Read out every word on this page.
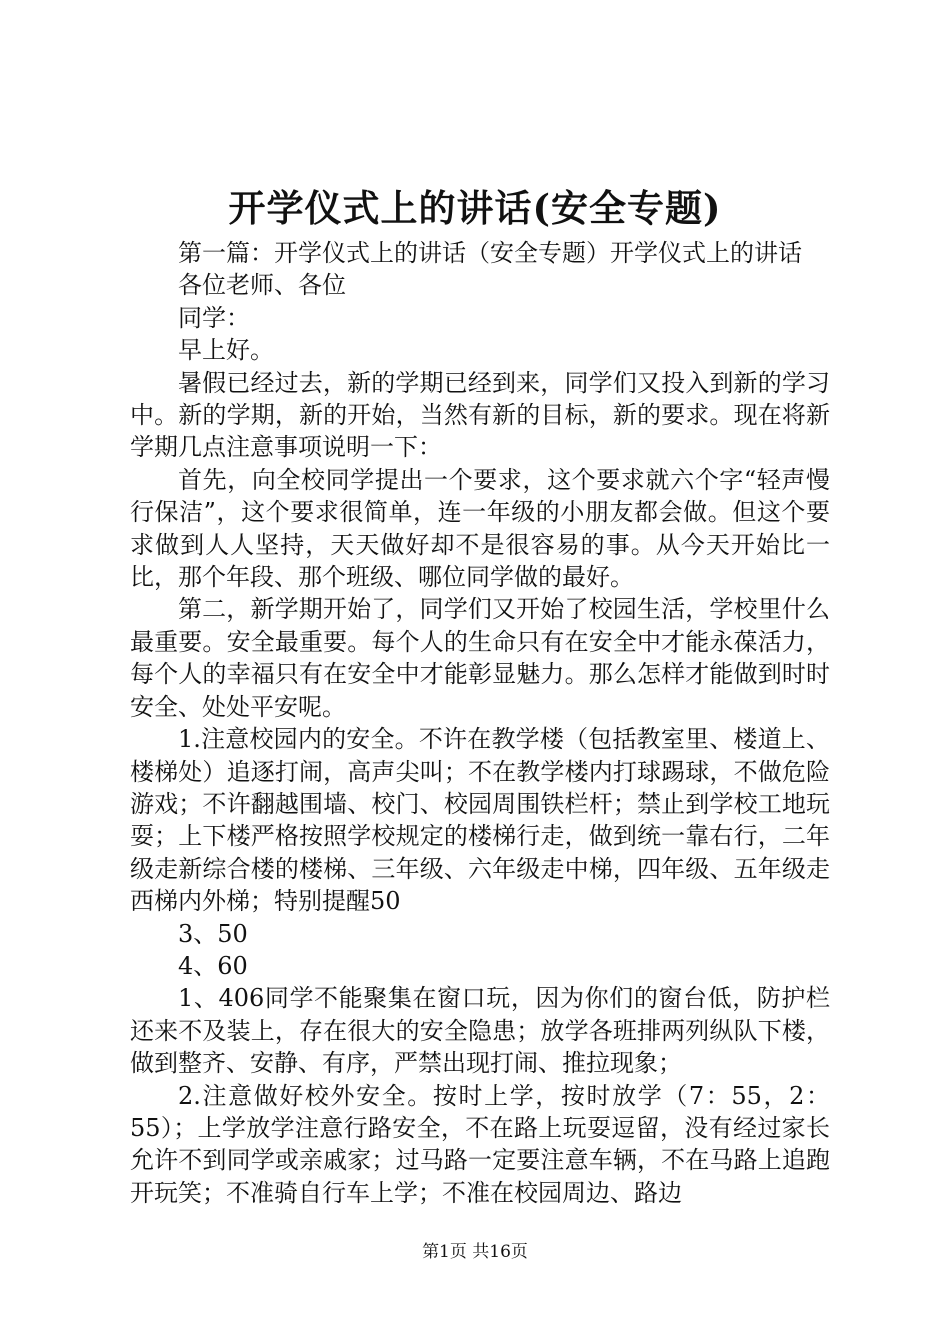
开学仪式上的讲话(安全专题)

第一篇：开学仪式上的讲话（安全专题）开学仪式上的讲话

各位老师、各位

同学：

早上好。

暑假已经过去，新的学期已经到来，同学们又投入到新的学习中。新的学期，新的开始，当然有新的目标，新的要求。现在将新学期几点注意事项说明一下：

首先，向全校同学提出一个要求，这个要求就六个字“轻声慢行保洁”，这个要求很简单，连一年级的小朋友都会做。但这个要求做到人人坚持，天天做好却不是很容易的事。从今天开始比一比，那个年段、那个班级、哪位同学做的最好。

第二，新学期开始了，同学们又开始了校园生活，学校里什么最重要。安全最重要。每个人的生命只有在安全中才能永葆活力，每个人的幸福只有在安全中才能彰显魅力。那么怎样才能做到时时安全、处处平安呢。

1.注意校园内的安全。不许在教学楼（包括教室里、楼道上、楼梯处）追逐打闹，高声尖叫；不在教学楼内打球踢球，不做危险游戏；不许翻越围墙、校门、校园周围铁栏杆；禁止到学校工地玩耍；上下楼严格按照学校规定的楼梯行走，做到统一靠右行，二年级走新综合楼的楼梯、三年级、六年级走中梯，四年级、五年级走西梯内外梯；特别提醒50

3、50

4、60

1、406同学不能聚集在窗口玩，因为你们的窗台低，防护栏还来不及装上，存在很大的安全隐患；放学各班排两列纵队下楼，做到整齐、安静、有序，严禁出现打闹、推拉现象；

2.注意做好校外安全。按时上学，按时放学（7：55，2：55）；上学放学注意行路安全，不在路上玩耍逗留，没有经过家长允许不到同学或亲戚家；过马路一定要注意车辆，不在马路上追跑开玩笑；不准骑自行车上学；不准在校园周边、路边

第1页 共16页
